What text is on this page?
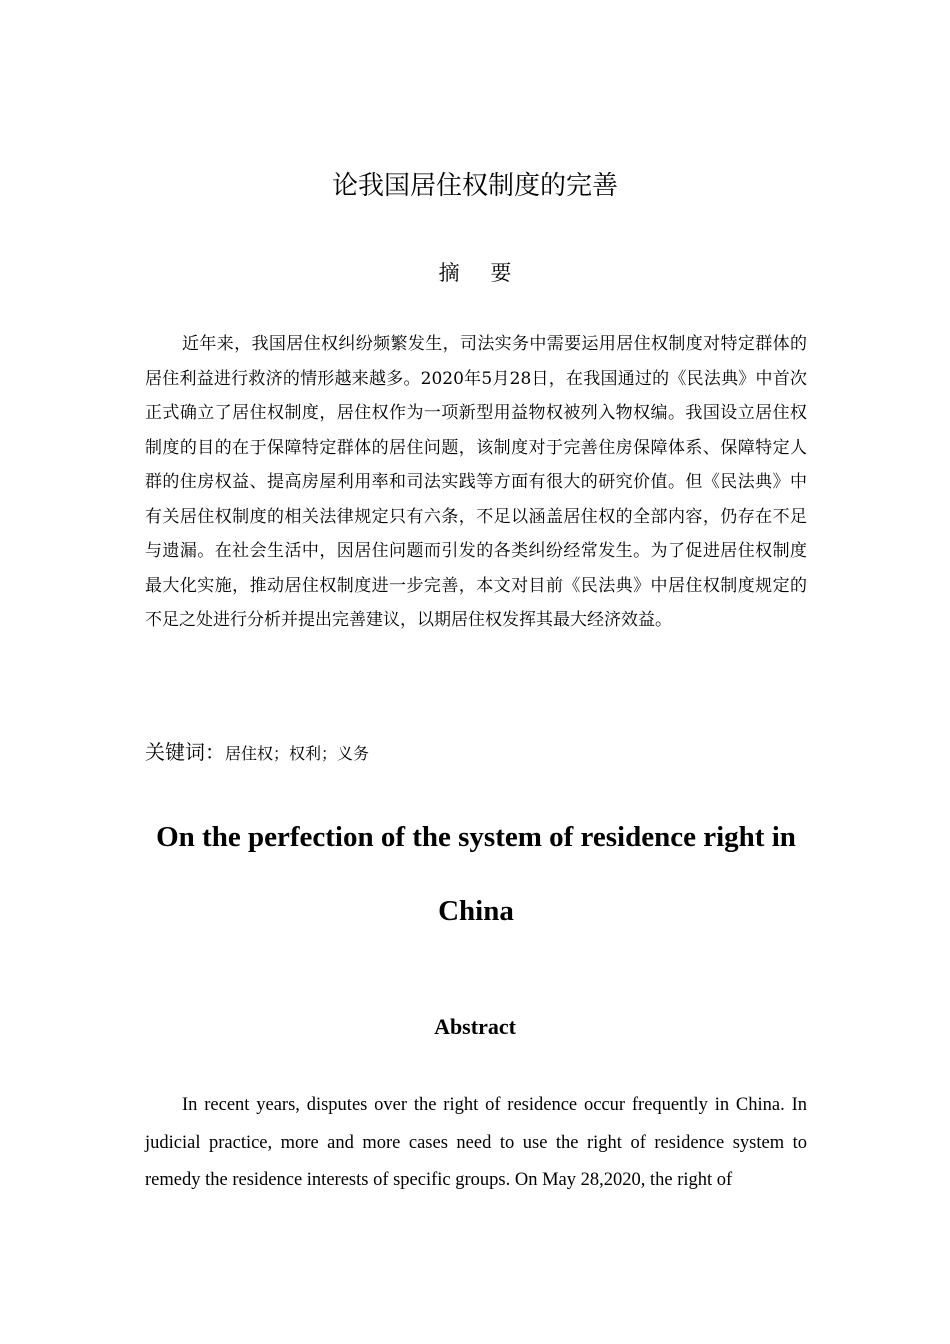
论我国居住权制度的完善
摘 要

近年来，我国居住权纠纷频繁发生，司法实务中需要运用居住权制度对特定群体的居住利益进行救济的情形越来越多。2020年5月28日，在我国通过的《民法典》中首次正式确立了居住权制度，居住权作为一项新型用益物权被列入物权编。我国设立居住权制度的目的在于保障特定群体的居住问题，该制度对于完善住房保障体系、保障特定人群的住房权益、提高房屋利用率和司法实践等方面有很大的研究价值。但《民法典》中有关居住权制度的相关法律规定只有六条，不足以涵盖居住权的全部内容，仍存在不足与遗漏。在社会生活中，因居住问题而引发的各类纠纷经常发生。为了促进居住权制度最大化实施，推动居住权制度进一步完善，本文对目前《民法典》中居住权制度规定的不足之处进行分析并提出完善建议，以期居住权发挥其最大经济效益。

关键词：居住权；权利；义务
On the perfection of the system of residence right in China
Abstract

In recent years, disputes over the right of residence occur frequently in China. In judicial practice, more and more cases need to use the right of residence system to remedy the residence interests of specific groups. On May 28,2020, the right of
